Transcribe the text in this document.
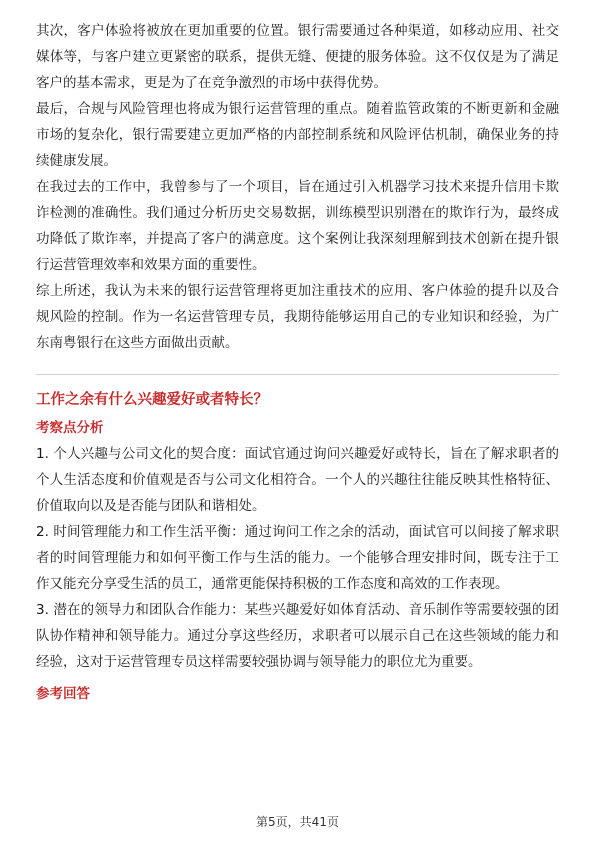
其次，客户体验将被放在更加重要的位置。银行需要通过各种渠道，如移动应用、社交媒体等，与客户建立更紧密的联系，提供无缝、便捷的服务体验。这不仅仅是为了满足客户的基本需求，更是为了在竞争激烈的市场中获得优势。

最后，合规与风险管理也将成为银行运营管理的重点。随着监管政策的不断更新和金融市场的复杂化，银行需要建立更加严格的内部控制系统和风险评估机制，确保业务的持续健康发展。

在我过去的工作中，我曾参与了一个项目，旨在通过引入机器学习技术来提升信用卡欺诈检测的准确性。我们通过分析历史交易数据，训练模型识别潜在的欺诈行为，最终成功降低了欺诈率，并提高了客户的满意度。这个案例让我深刻理解到技术创新在提升银行运营管理效率和效果方面的重要性。

综上所述，我认为未来的银行运营管理将更加注重技术的应用、客户体验的提升以及合规风险的控制。作为一名运营管理专员，我期待能够运用自己的专业知识和经验，为广东南粤银行在这些方面做出贡献。

工作之余有什么兴趣爱好或者特长？

考察点分析

1. 个人兴趣与公司文化的契合度：面试官通过询问兴趣爱好或特长，旨在了解求职者的个人生活态度和价值观是否与公司文化相符合。一个人的兴趣往往能反映其性格特征、价值取向以及是否能与团队和谐相处。

2. 时间管理能力和工作生活平衡：通过询问工作之余的活动，面试官可以间接了解求职者的时间管理能力和如何平衡工作与生活的能力。一个能够合理安排时间，既专注于工作又能充分享受生活的员工，通常更能保持积极的工作态度和高效的工作表现。

3. 潜在的领导力和团队合作能力：某些兴趣爱好如体育活动、音乐制作等需要较强的团队协作精神和领导能力。通过分享这些经历，求职者可以展示自己在这些领域的能力和经验，这对于运营管理专员这样需要较强协调与领导能力的职位尤为重要。

参考回答

第5页，共41页
